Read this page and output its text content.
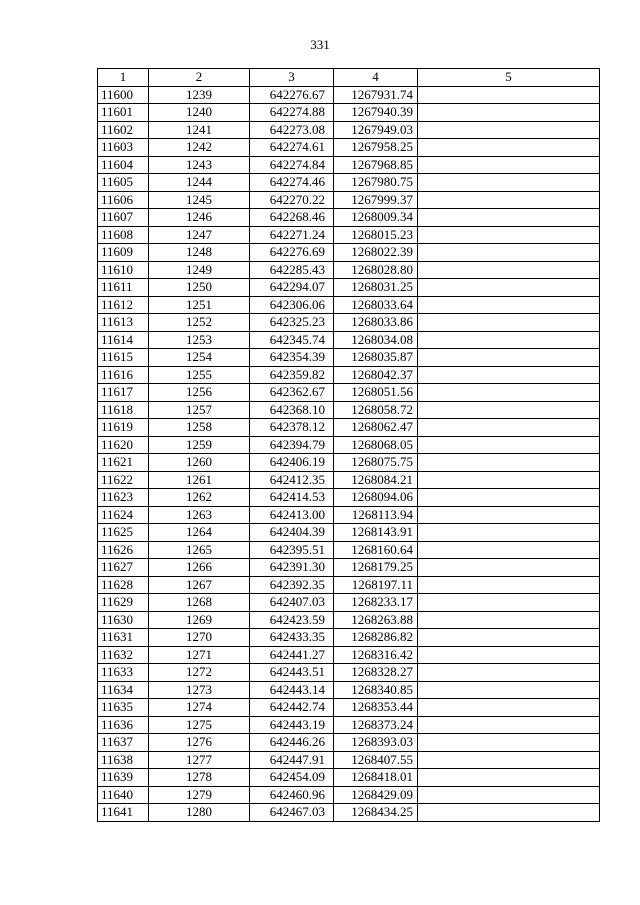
331
1	2	3	4	5
11600	1239	642276.67	1267931.74	
11601	1240	642274.88	1267940.39	
11602	1241	642273.08	1267949.03	
11603	1242	642274.61	1267958.25	
11604	1243	642274.84	1267968.85	
11605	1244	642274.46	1267980.75	
11606	1245	642270.22	1267999.37	
11607	1246	642268.46	1268009.34	
11608	1247	642271.24	1268015.23	
11609	1248	642276.69	1268022.39	
11610	1249	642285.43	1268028.80	
11611	1250	642294.07	1268031.25	
11612	1251	642306.06	1268033.64	
11613	1252	642325.23	1268033.86	
11614	1253	642345.74	1268034.08	
11615	1254	642354.39	1268035.87	
11616	1255	642359.82	1268042.37	
11617	1256	642362.67	1268051.56	
11618	1257	642368.10	1268058.72	
11619	1258	642378.12	1268062.47	
11620	1259	642394.79	1268068.05	
11621	1260	642406.19	1268075.75	
11622	1261	642412.35	1268084.21	
11623	1262	642414.53	1268094.06	
11624	1263	642413.00	1268113.94	
11625	1264	642404.39	1268143.91	
11626	1265	642395.51	1268160.64	
11627	1266	642391.30	1268179.25	
11628	1267	642392.35	1268197.11	
11629	1268	642407.03	1268233.17	
11630	1269	642423.59	1268263.88	
11631	1270	642433.35	1268286.82	
11632	1271	642441.27	1268316.42	
11633	1272	642443.51	1268328.27	
11634	1273	642443.14	1268340.85	
11635	1274	642442.74	1268353.44	
11636	1275	642443.19	1268373.24	
11637	1276	642446.26	1268393.03	
11638	1277	642447.91	1268407.55	
11639	1278	642454.09	1268418.01	
11640	1279	642460.96	1268429.09	
11641	1280	642467.03	1268434.25	
